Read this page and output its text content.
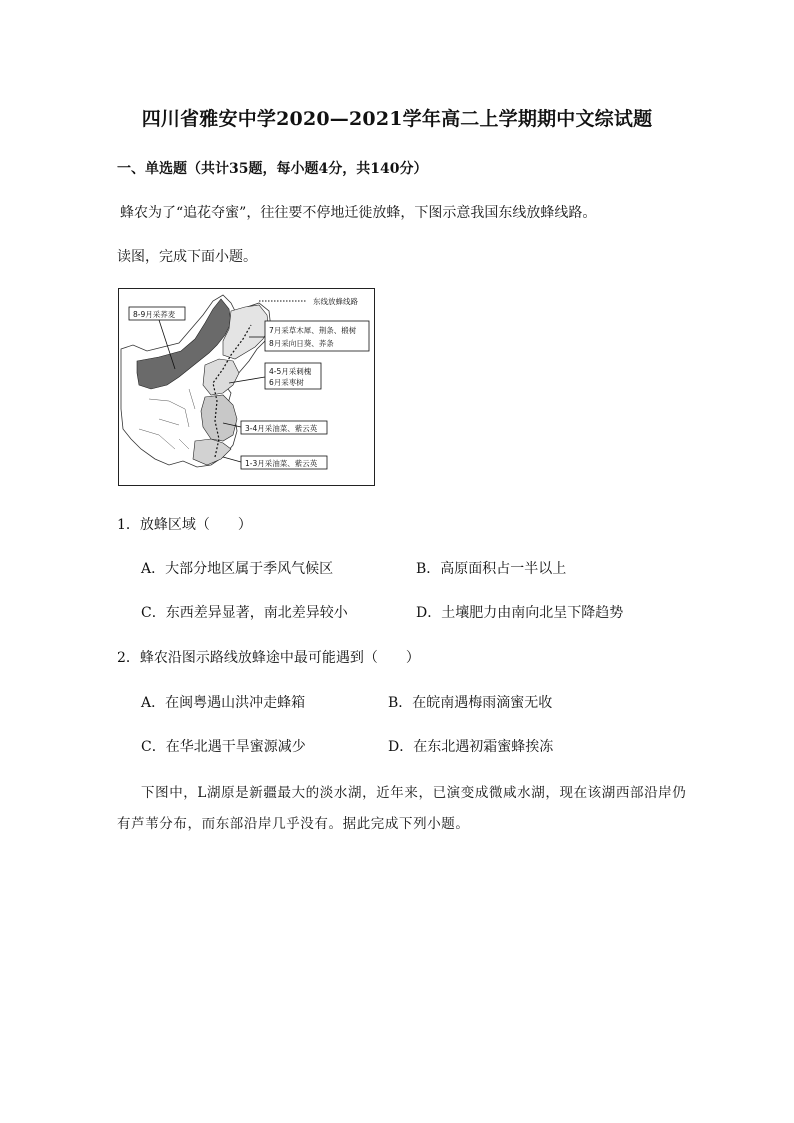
四川省雅安中学2020—2021学年高二上学期期中文综试题
一、单选题（共计35题，每小题4分，共140分）
蜂农为了“追花夺蜜”，往往要不停地迁徙放蜂，下图示意我国东线放蜂线路。
读图，完成下面小题。
东线放蜂线路
8-9月采荞麦
7月采草木犀、荆条、椴树
8月采向日葵、荞条
4-5月采刺槐
6月采枣树
3-4月采油菜、紫云英
1-3月采油菜、紫云英
1．放蜂区域（　　）
A．大部分地区属于季风气候区	B．高原面积占一半以上
C．东西差异显著，南北差异较小	D．土壤肥力由南向北呈下降趋势
2．蜂农沿图示路线放蜂途中最可能遇到（　　）
A．在闽粤遇山洪冲走蜂箱	B．在皖南遇梅雨滴蜜无收
C．在华北遇干旱蜜源减少	D．在东北遇初霜蜜蜂挨冻
下图中，L湖原是新疆最大的淡水湖，近年来，已演变成微咸水湖，现在该湖西部沿岸仍
有芦苇分布，而东部沿岸几乎没有。据此完成下列小题。
